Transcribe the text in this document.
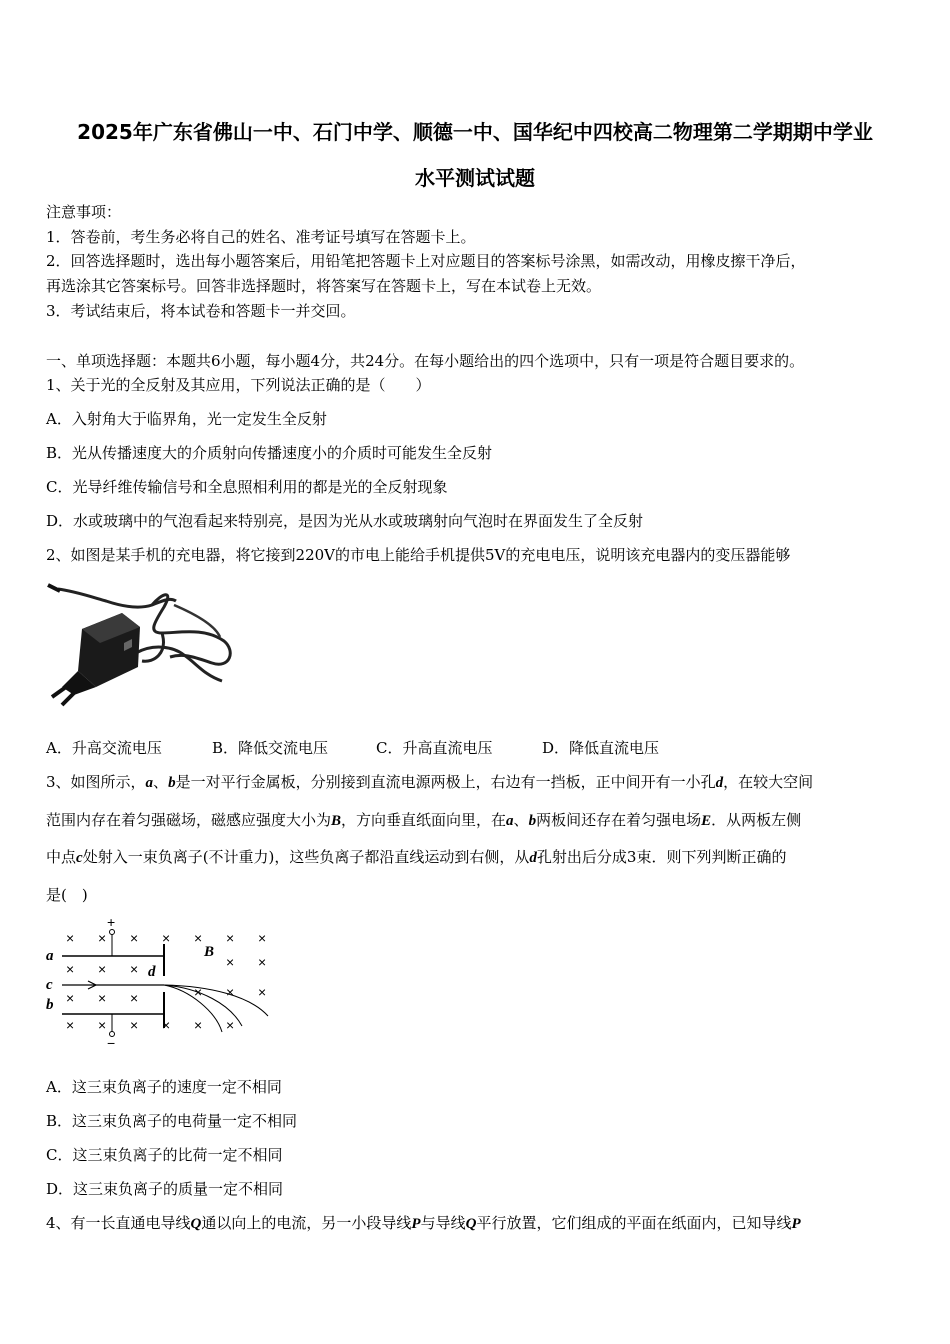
2025年广东省佛山一中、石门中学、顺德一中、国华纪中四校高二物理第二学期期中学业
水平测试试题
注意事项：
1．答卷前，考生务必将自己的姓名、准考证号填写在答题卡上。
2．回答选择题时，选出每小题答案后，用铅笔把答题卡上对应题目的答案标号涂黑，如需改动，用橡皮擦干净后，
再选涂其它答案标号。回答非选择题时，将答案写在答题卡上，写在本试卷上无效。
3．考试结束后，将本试卷和答题卡一并交回。
一、单项选择题：本题共6小题，每小题4分，共24分。在每小题给出的四个选项中，只有一项是符合题目要求的。
1、关于光的全反射及其应用，下列说法正确的是（　　）
A．入射角大于临界角，光一定发生全反射
B．光从传播速度大的介质射向传播速度小的介质时可能发生全反射
C．光导纤维传输信号和全息照相利用的都是光的全反射现象
D．水或玻璃中的气泡看起来特别亮，是因为光从水或玻璃射向气泡时在界面发生了全反射
2、如图是某手机的充电器，将它接到220V的市电上能给手机提供5V的充电电压，说明该充电器内的变压器能够
A．升高交流电压	B．降低交流电压	C．升高直流电压	D．降低直流电压
3、如图所示，a、b是一对平行金属板，分别接到直流电源两极上，右边有一挡板，正中间开有一小孔d，在较大空间
范围内存在着匀强磁场，磁感应强度大小为B，方向垂直纸面向里，在a、b两板间还存在着匀强电场E．从两板左侧
中点c处射入一束负离子(不计重力)，这些负离子都沿直线运动到右侧，从d孔射出后分成3束．则下列判断正确的
是(　)
× × × × × × ×
× × ×	× ×
× × ×	× × ×
× × × × × ×
a
c
b
d
B
+
−
A．这三束负离子的速度一定不相同
B．这三束负离子的电荷量一定不相同
C．这三束负离子的比荷一定不相同
D．这三束负离子的质量一定不相同
4、有一长直通电导线Q通以向上的电流，另一小段导线P与导线Q平行放置，它们组成的平面在纸面内，已知导线P
